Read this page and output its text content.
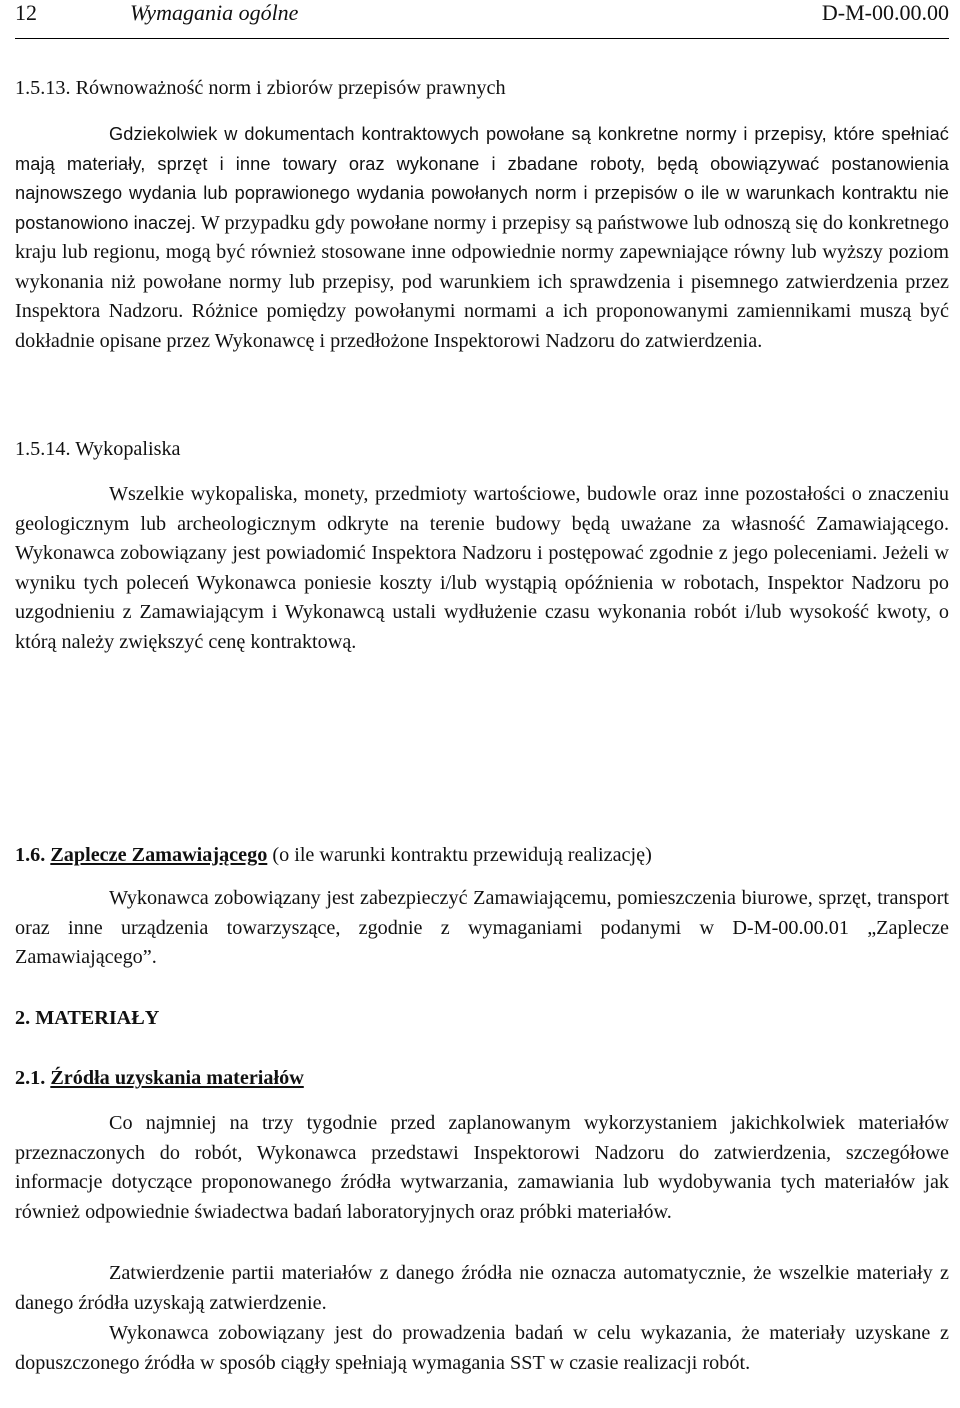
12	Wymagania ogólne	D-M-00.00.00
1.5.13. Równoważność norm i zbiorów przepisów prawnych
Gdziekolwiek w dokumentach kontraktowych powołane są konkretne normy i przepisy, które spełniać mają materiały, sprzęt i inne towary oraz wykonane i zbadane roboty, będą obowiązywać postanowienia najnowszego wydania lub poprawionego wydania powołanych norm i przepisów o ile w warunkach kontraktu nie postanowiono inaczej. W przypadku gdy powołane normy i przepisy są państwowe lub odnoszą się do konkretnego kraju lub regionu, mogą być również stosowane inne odpowiednie normy zapewniające równy lub wyższy poziom wykonania niż powołane normy lub przepisy, pod warunkiem ich sprawdzenia i pisemnego zatwierdzenia przez Inspektora Nadzoru. Różnice pomiędzy powołanymi normami a ich proponowanymi zamiennikami muszą być dokładnie opisane przez Wykonawcę i przedłożone Inspektorowi Nadzoru do zatwierdzenia.
1.5.14. Wykopaliska
Wszelkie wykopaliska, monety, przedmioty wartościowe, budowle oraz inne pozostałości o znaczeniu geologicznym lub archeologicznym odkryte na terenie budowy będą uważane za własność Zamawiającego. Wykonawca zobowiązany jest powiadomić Inspektora Nadzoru i postępować zgodnie z jego poleceniami. Jeżeli w wyniku tych poleceń Wykonawca poniesie koszty i/lub wystąpią opóźnienia w robotach, Inspektor Nadzoru po uzgodnieniu z Zamawiającym i Wykonawcą ustali wydłużenie czasu wykonania robót i/lub wysokość kwoty, o którą należy zwiększyć cenę kontraktową.
1.6. Zaplecze Zamawiającego (o ile warunki kontraktu przewidują realizację)
Wykonawca zobowiązany jest zabezpieczyć Zamawiającemu, pomieszczenia biurowe, sprzęt, transport oraz inne urządzenia towarzyszące, zgodnie z wymaganiami podanymi w D-M-00.00.01 „Zaplecze Zamawiającego”.
2. MATERIAŁY
2.1. Źródła uzyskania materiałów
Co najmniej na trzy tygodnie przed zaplanowanym wykorzystaniem jakichkolwiek materiałów przeznaczonych do robót, Wykonawca przedstawi Inspektorowi Nadzoru do zatwierdzenia, szczegółowe informacje dotyczące proponowanego źródła wytwarzania, zamawiania lub wydobywania tych materiałów jak również odpowiednie świadectwa badań laboratoryjnych oraz próbki materiałów.
Zatwierdzenie partii materiałów z danego źródła nie oznacza automatycznie, że wszelkie materiały z danego źródła uzyskają zatwierdzenie.
Wykonawca zobowiązany jest do prowadzenia badań w celu wykazania, że materiały uzyskane z dopuszczonego źródła w sposób ciągły spełniają wymagania SST w czasie realizacji robót.
